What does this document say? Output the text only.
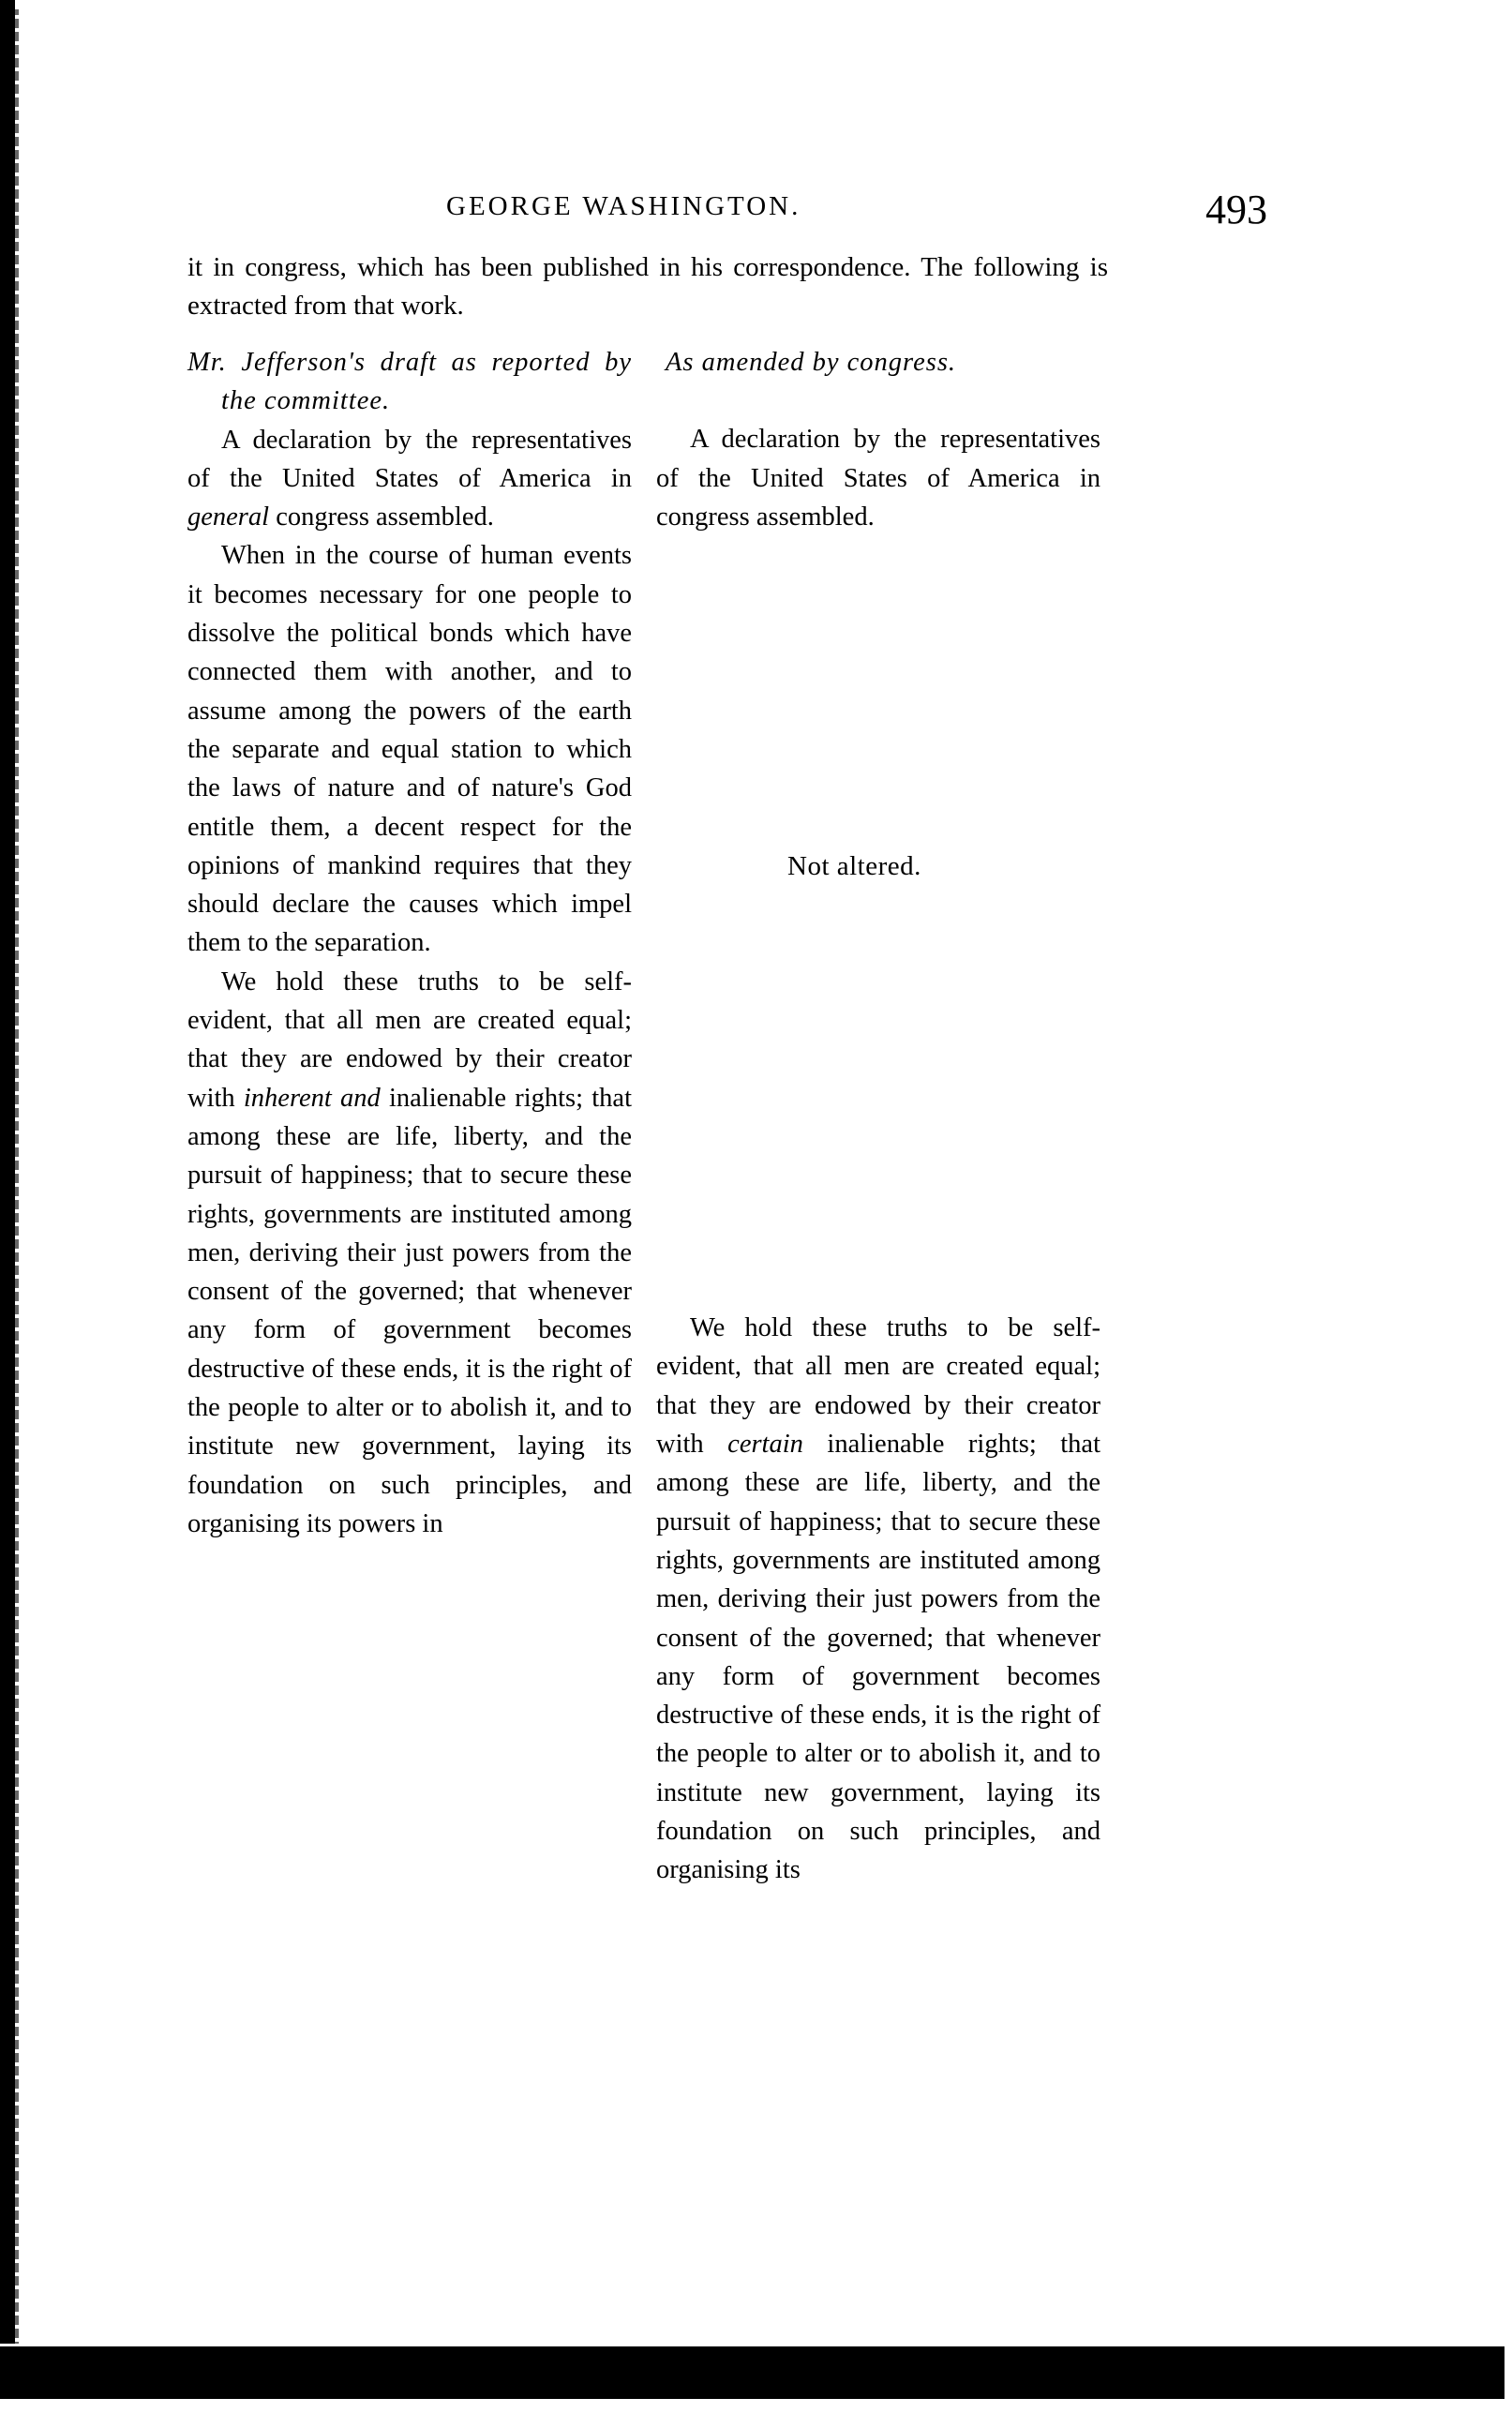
GEORGE WASHINGTON.	493
it in congress, which has been published in his correspondence. The following is extracted from that work.

Mr. Jefferson's draft as reported by the committee.

A declaration by the representatives of the United States of America in general congress assembled.

When in the course of human events it becomes necessary for one people to dissolve the political bonds which have connected them with another, and to assume among the powers of the earth the separate and equal station to which the laws of nature and of nature's God entitle them, a decent respect for the opinions of mankind requires that they should declare the causes which impel them to the separation.

We hold these truths to be self-evident, that all men are created equal; that they are endowed by their creator with inherent and inalienable rights; that among these are life, liberty, and the pursuit of happiness; that to secure these rights, governments are instituted among men, deriving their just powers from the consent of the governed; that whenever any form of government becomes destructive of these ends, it is the right of the people to alter or to abolish it, and to institute new government, laying its foundation on such principles, and organising its powers in

As amended by congress.

A declaration by the representatives of the United States of America in congress assembled.

We hold these truths to be self-evident, that all men are created equal; that they are endowed by their creator with certain inalienable rights; that among these are life, liberty, and the pursuit of happiness; that to secure these rights, governments are instituted among men, deriving their just powers from the consent of the governed; that whenever any form of government becomes destructive of these ends, it is the right of the people to alter or to abolish it, and to institute new government, laying its foundation on such principles, and organising its

Not altered.
